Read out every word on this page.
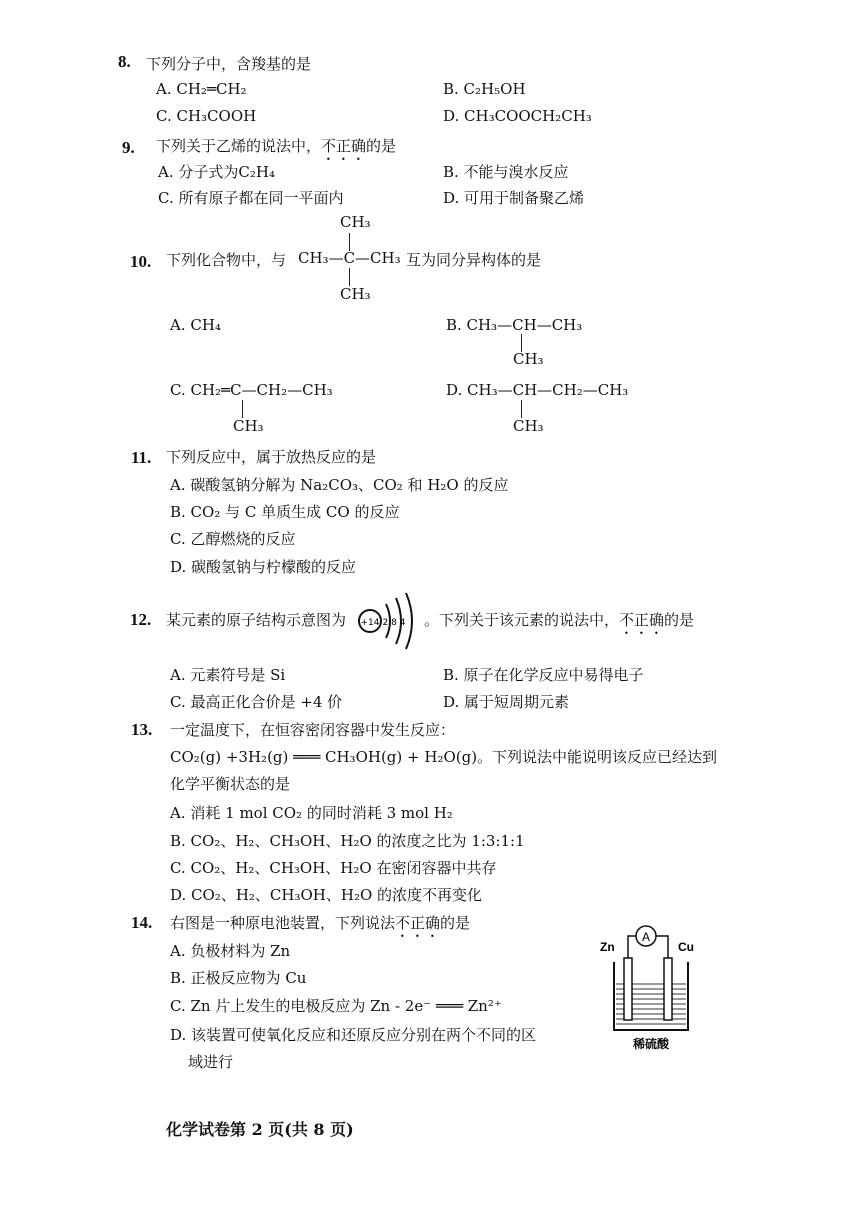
8. 下列分子中，含羧基的是
A. CH₂═CH₂	B. C₂H₅OH
C. CH₃COOH	D. CH₃COOCH₂CH₃
9. 下列关于乙烯的说法中，不正确的是
A. 分子式为C₂H₄	B. 不能与溴水反应
C. 所有原子都在同一平面内	D. 可用于制备聚乙烯
CH₃
10. 下列化合物中，与 CH₃—C—CH₃ 互为同分异构体的是
CH₃
A. CH₄	B. CH₃—CH—CH₃
CH₃
C. CH₂═C—CH₂—CH₃
CH₃
D. CH₃—CH—CH₂—CH₃
CH₃
11. 下列反应中，属于放热反应的是
A. 碳酸氢钠分解为 Na₂CO₃、CO₂ 和 H₂O 的反应
B. CO₂ 与 C 单质生成 CO 的反应
C. 乙醇燃烧的反应
D. 碳酸氢钠与柠檬酸的反应
12. 某元素的原子结构示意图为 +14 2 8 4 。下列关于该元素的说法中，不正确的是
A. 元素符号是 Si	B. 原子在化学反应中易得电子
C. 最高正化合价是 +4 价	D. 属于短周期元素
13. 一定温度下，在恒容密闭容器中发生反应：
CO₂(g) +3H₂(g) ═══ CH₃OH(g) + H₂O(g)。下列说法中能说明该反应已经达到
化学平衡状态的是
A. 消耗 1 mol CO₂ 的同时消耗 3 mol H₂
B. CO₂、H₂、CH₃OH、H₂O 的浓度之比为 1:3:1:1
C. CO₂、H₂、CH₃OH、H₂O 在密闭容器中共存
D. CO₂、H₂、CH₃OH、H₂O 的浓度不再变化
14. 右图是一种原电池装置，下列说法不正确的是
A. 负极材料为 Zn
B. 正极反应物为 Cu
C. Zn 片上发生的电极反应为 Zn - 2e⁻ ═══ Zn²⁺
D. 该装置可使氧化反应和还原反应分别在两个不同的区
域进行
A
Zn	Cu
稀硫酸
化学试卷第 2 页(共 8 页)
